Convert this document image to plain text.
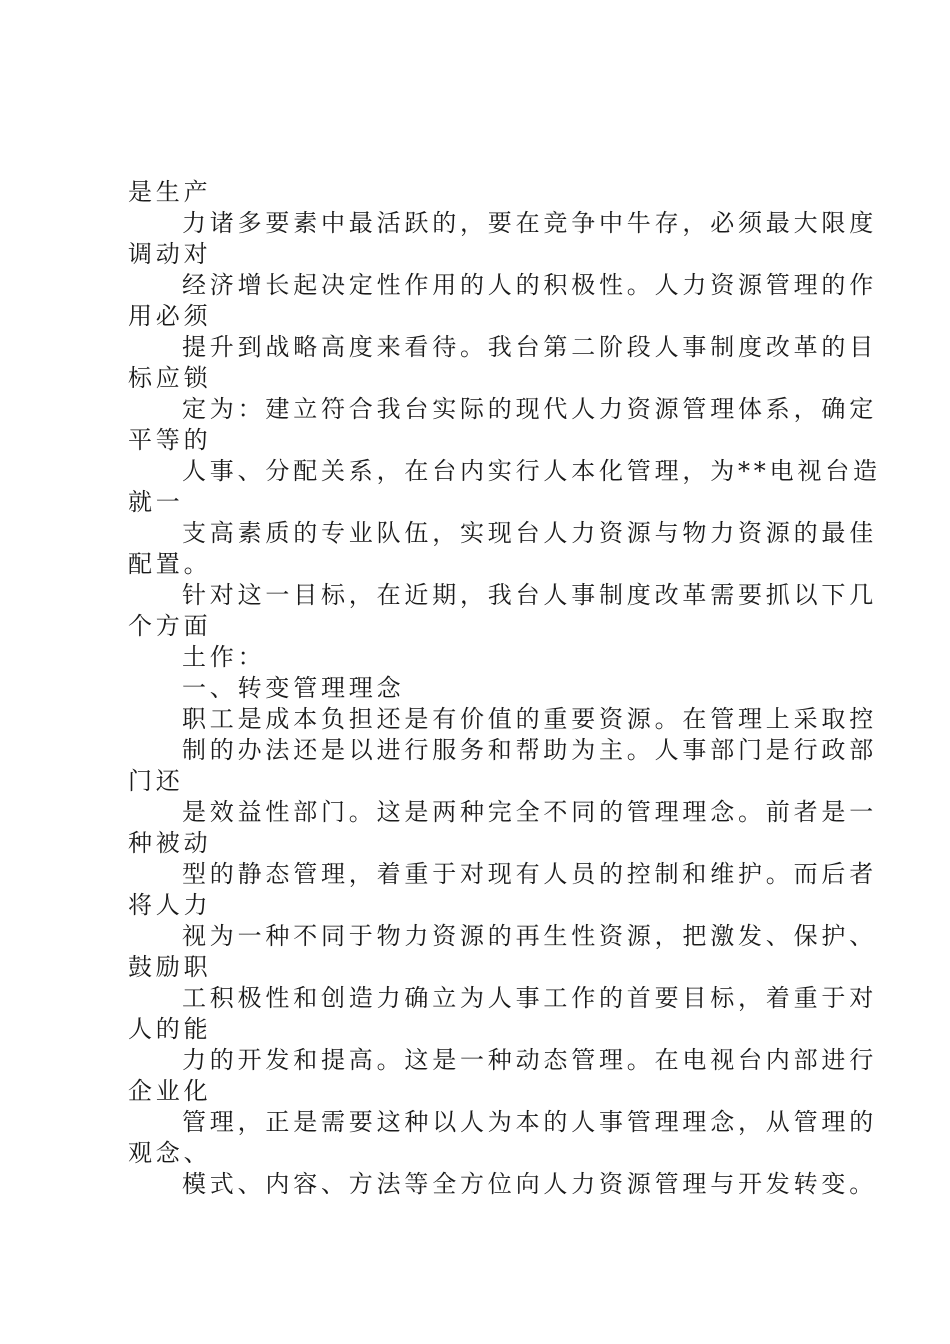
是生产
力诸多要素中最活跃的，要在竞争中牛存，必须最大限度
调动对
经济增长起决定性作用的人的积极性。人力资源管理的作
用必须
提升到战略高度来看待。我台第二阶段人事制度改革的目
标应锁
定为：建立符合我台实际的现代人力资源管理体系，确定
平等的
人事、分配关系，在台内实行人本化管理，为**电视台造
就一
支高素质的专业队伍，实现台人力资源与物力资源的最佳
配置。
针对这一目标，在近期，我台人事制度改革需要抓以下几
个方面
土作：
一、转变管理理念
职工是成本负担还是有价值的重要资源。在管理上采取控
制的办法还是以进行服务和帮助为主。人事部门是行政部
门还
是效益性部门。这是两种完全不同的管理理念。前者是一
种被动
型的静态管理，着重于对现有人员的控制和维护。而后者
将人力
视为一种不同于物力资源的再生性资源，把激发、保护、
鼓励职
工积极性和创造力确立为人事工作的首要目标，着重于对
人的能
力的开发和提高。这是一种动态管理。在电视台内部进行
企业化
管理，正是需要这种以人为本的人事管理理念，从管理的
观念、
模式、内容、方法等全方位向人力资源管理与开发转变。
